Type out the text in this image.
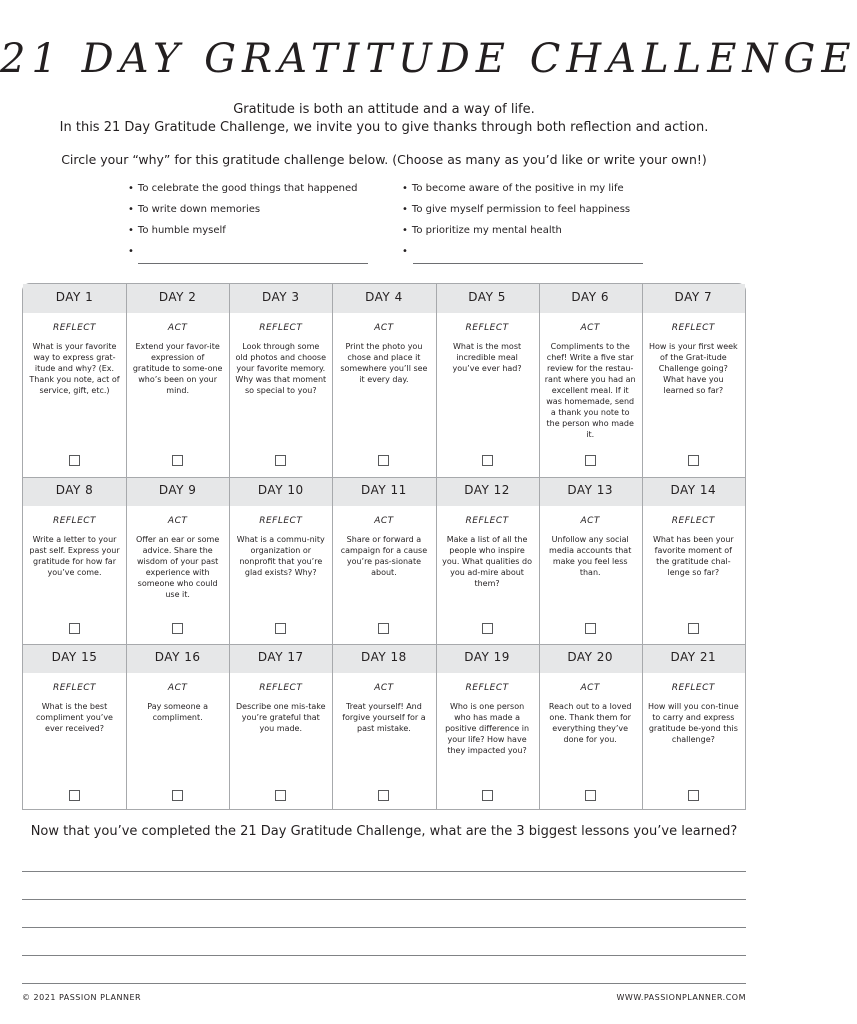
21 DAY GRATITUDE CHALLENGE
Gratitude is both an attitude and a way of life.
In this 21 Day Gratitude Challenge, we invite you to give thanks through both reflection and action.
Circle your “why” for this gratitude challenge below. (Choose as many as you’d like or write your own!)
• To celebrate the good things that happened
• To write down memories
• To humble myself
•
• To become aware of the positive in my life
• To give myself permission to feel happiness
• To prioritize my mental health
•
DAY 1
REFLECT
What is your favorite way to express grat-itude and why? (Ex. Thank you note, act of service, gift, etc.)
DAY 2
ACT
Extend your favor-ite expression of gratitude to some-one who’s been on your mind.
DAY 3
REFLECT
Look through some old photos and choose your favorite memory. Why was that moment so special to you?
DAY 4
ACT
Print the photo you chose and place it somewhere you’ll see it every day.
DAY 5
REFLECT
What is the most incredible meal you’ve ever had?
DAY 6
ACT
Compliments to the chef! Write a five star review for the restau-rant where you had an excellent meal. If it was homemade, send a thank you note to the person who made it.
DAY 7
REFLECT
How is your first week of the Grat-itude Challenge going? What have you learned so far?
DAY 8
REFLECT
Write a letter to your past self. Express your gratitude for how far you’ve come.
DAY 9
ACT
Offer an ear or some advice. Share the wisdom of your past experience with someone who could use it.
DAY 10
REFLECT
What is a commu-nity organization or nonprofit that you’re glad exists? Why?
DAY 11
ACT
Share or forward a campaign for a cause you’re pas-sionate about.
DAY 12
REFLECT
Make a list of all the people who inspire you. What qualities do you ad-mire about them?
DAY 13
ACT
Unfollow any social media accounts that make you feel less than.
DAY 14
REFLECT
What has been your favorite moment of the gratitude chal-lenge so far?
DAY 15
REFLECT
What is the best compliment you’ve ever received?
DAY 16
ACT
Pay someone a compliment.
DAY 17
REFLECT
Describe one mis-take you’re grateful that you made.
DAY 18
ACT
Treat yourself! And forgive yourself for a past mistake.
DAY 19
REFLECT
Who is one person who has made a positive difference in your life? How have they impacted you?
DAY 20
ACT
Reach out to a loved one. Thank them for everything they’ve done for you.
DAY 21
REFLECT
How will you con-tinue to carry and express gratitude be-yond this challenge?
Now that you’ve completed the 21 Day Gratitude Challenge, what are the 3 biggest lessons you’ve learned?
© 2021 PASSION PLANNER	WWW.PASSIONPLANNER.COM
